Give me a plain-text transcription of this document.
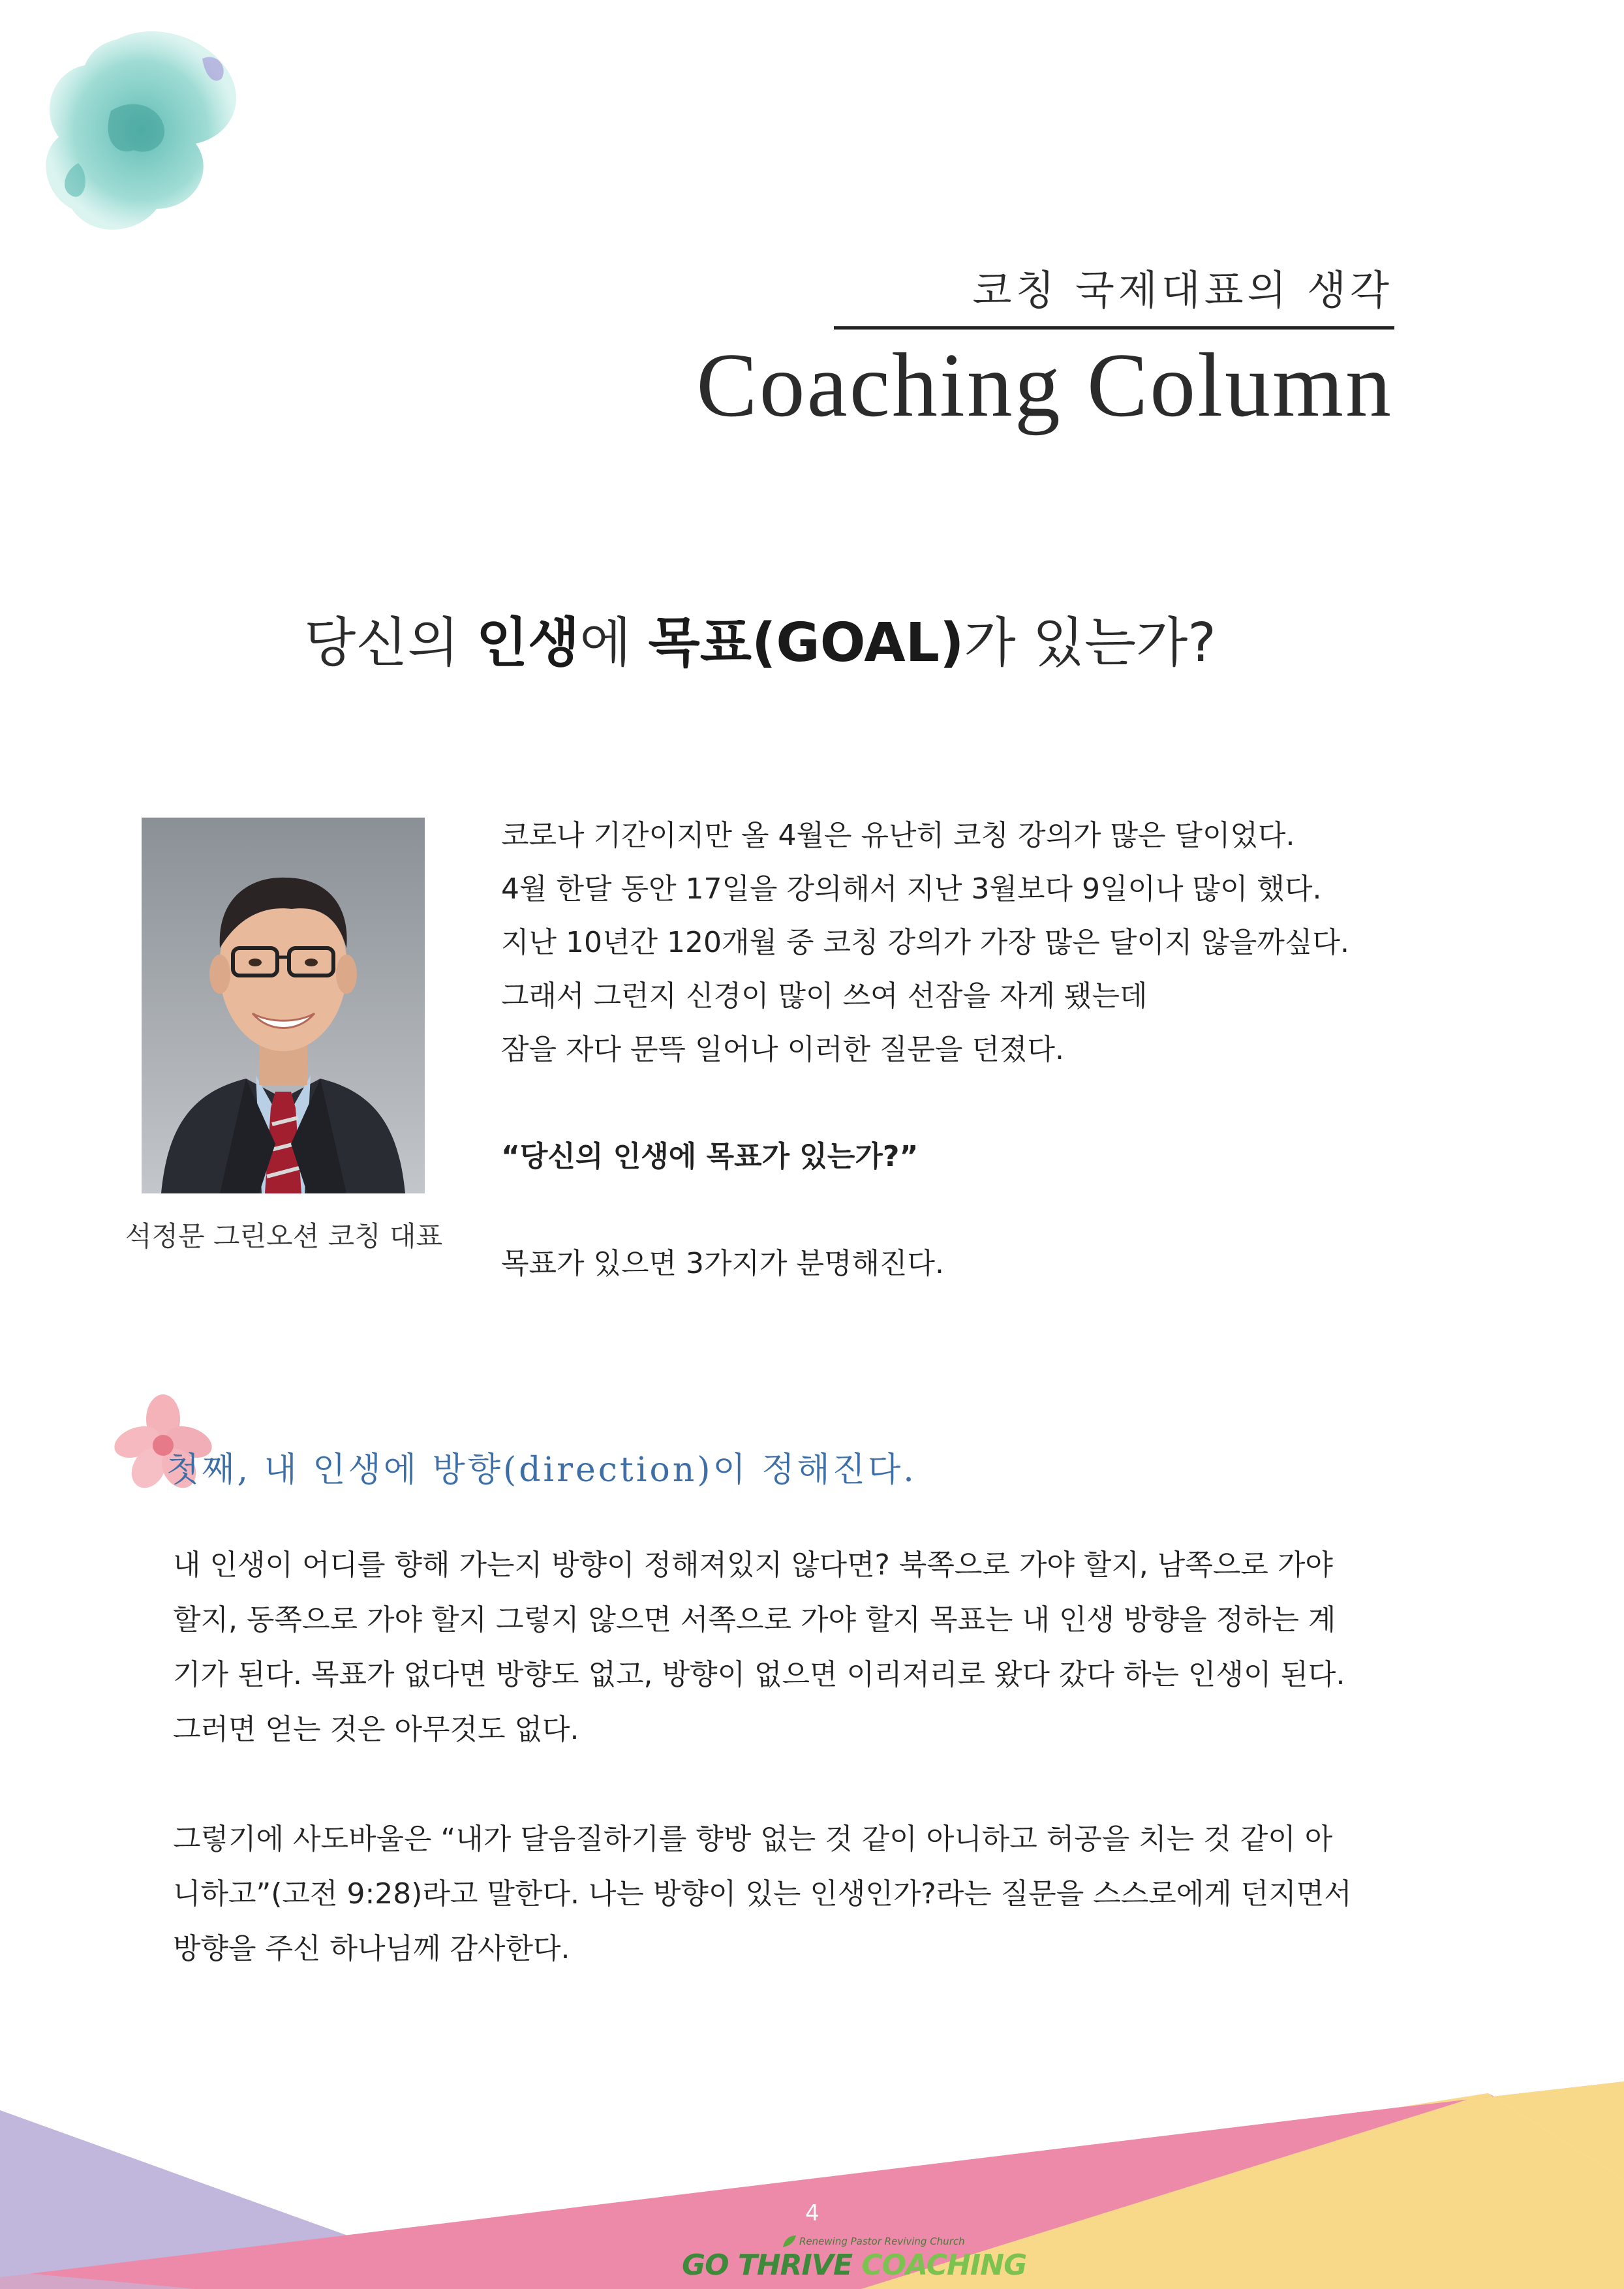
코칭 국제대표의 생각
Coaching Column
당신의 인생에 목표(GOAL)가 있는가?
석정문 그린오션 코칭 대표

코로나 기간이지만 올 4월은 유난히 코칭 강의가 많은 달이었다.

4월 한달 동안 17일을 강의해서 지난 3월보다 9일이나 많이 했다.

지난 10년간 120개월 중 코칭 강의가 가장 많은 달이지 않을까싶다.

그래서 그런지 신경이 많이 쓰여 선잠을 자게 됐는데

잠을 자다 문뜩 일어나 이러한 질문을 던졌다.

“당신의 인생에 목표가 있는가?”

목표가 있으면 3가지가 분명해진다.

첫째, 내 인생에 방향(direction)이 정해진다.

내 인생이 어디를 향해 가는지 방향이 정해져있지 않다면? 북쪽으로 가야 할지, 남쪽으로 가야

할지, 동쪽으로 가야 할지 그렇지 않으면 서쪽으로 가야 할지 목표는 내 인생 방향을 정하는 계

기가 된다. 목표가 없다면 방향도 없고, 방향이 없으면 이리저리로 왔다 갔다 하는 인생이 된다.

그러면 얻는 것은 아무것도 없다.

그렇기에 사도바울은 “내가 달음질하기를 향방 없는 것 같이 아니하고 허공을 치는 것 같이 아

니하고”(고전 9:28)라고 말한다. 나는 방향이 있는 인생인가?라는 질문을 스스로에게 던지면서

방향을 주신 하나님께 감사한다.

4
Renewing Pastor Reviving Church
GO THRIVE COACHING
